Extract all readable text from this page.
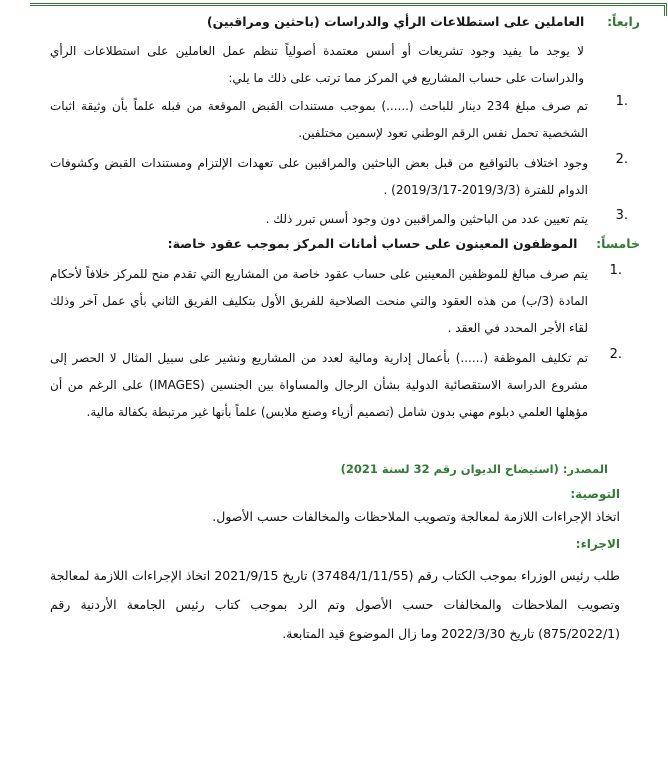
رابعاً:  العاملين على استطلاعات الرأي والدراسات (باحثين ومراقبين)
لا يوجد ما يفيد وجود تشريعات أو أسس معتمدة أصولياً تنظم عمل العاملين على استطلاعات الرأي والدراسات على حساب المشاريع في المركز مما ترتب على ذلك ما يلي:
.1
تم صرف مبلغ 234 دينار للباحث (......) بموجب مستندات القبض الموقعة من قبله علماً بأن وثيقة اثبات الشخصية تحمل نفس الرقم الوطني تعود لإسمين مختلفين.
.2
وجود اختلاف بالتواقيع من قبل بعض الباحثين والمراقبين على تعهدات الإلتزام ومستندات القبض وكشوفات الدوام للفترة (2019/3/3-2019/3/17) .
.3
يتم تعيين عدد من الباحثين والمراقبين دون وجود أسس تبرر ذلك .
خامساً:  الموظفون المعينون على حساب أمانات المركز بموجب عقود خاصة:
.1
يتم صرف مبالغ للموظفين المعينين على حساب عقود خاصة من المشاريع التي تقدم منح للمركز خلافاً لأحكام المادة (3/ب) من هذه العقود والتي منحت الصلاحية للفريق الأول بتكليف الفريق الثاني بأي عمل آخر وذلك لقاء الأجر المحدد في العقد .
.2
تم تكليف الموظفة (......) بأعمال إدارية ومالية لعدد من المشاريع ونشير على سبيل المثال لا الحصر إلى مشروع الدراسة الاستقصائية الدولية بشأن الرجال والمساواة بين الجنسين (IMAGES) على الرغم من أن مؤهلها العلمي دبلوم مهني بدون شامل (تصميم أزياء وصنع ملابس) علماً بأنها غير مرتبطة بكفالة مالية.
المصدر: (استيضاح الديوان رقم 32 لسنة 2021)
التوصية:
اتخاذ الإجراءات اللازمة لمعالجة وتصويب الملاحظات والمخالفات حسب الأصول.
الاجراء:
طلب رئيس الوزراء بموجب الكتاب رقم (37484/1/11/55) تاريخ 2021/9/15 اتخاذ الإجراءات اللازمة لمعالجة وتصويب الملاحظات والمخالفات حسب الأصول وتم الرد بموجب كتاب رئيس الجامعة الأردنية رقم (875/2022/1) تاريخ 2022/3/30 وما زال الموضوع قيد المتابعة.
